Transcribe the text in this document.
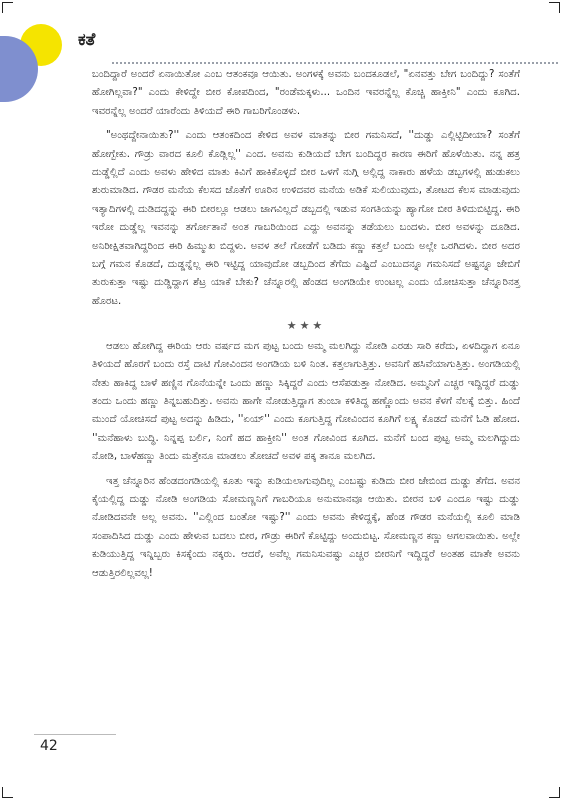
ಕತೆ

ಬಂದಿದ್ದಾರೆ ಅಂದರೆ ಏನಾಯಿತೋ ಎಂಬ ಆತಂಕವೂ ಆಯಿತು. ಅಂಗಳಕ್ಕೆ ಅವನು ಬಂದಕೂಡಲೆ, "ಏನವತ್ತು ಬೇಗ ಬಂದಿದ್ದು? ಸಂತೆಗೆ ಹೋಗಿಲ್ಲವಾ?" ಎಂದು ಕೇಳಿದ್ದೇ ಬೀರ ಕೋಪದಿಂದ, "ರಂಡೆಮಕ್ಕಳು... ಒಂದಿನ ಇವರನ್ನೆಲ್ಲ ಕೊಚ್ಚಿ ಹಾಕ್ತೀನಿ" ಎಂದು ಕೂಗಿದ. ಇವರನ್ನೆಲ್ಲ ಅಂದರೆ ಯಾರೆಂದು ತಿಳಿಯದೆ ಈರಿ ಗಾಬರಿಗೊಂಡಳು.

"ಅಂಥದ್ದೇನಾಯಿತು?'' ಎಂದು ಆತಂಕದಿಂದ ಕೇಳಿದ ಅವಳ ಮಾತನ್ನು ಬೀರ ಗಮನಿಸದೆ, ''ದುಡ್ಡು ಎಲ್ಲಿಟ್ಟಿದೀಯಾ? ಸಂತೆಗೆ ಹೋಗ್ಬೇಕು. ಗೌಡ್ರು ವಾರದ ಕೂಲಿ ಕೊಡ್ಲಿಲ್ಲ'' ಎಂದ. ಅವನು ಕುಡಿಯದೆ ಬೇಗ ಬಂದಿದ್ದರ ಕಾರಣ ಈರಿಗೆ ಹೊಳೆಯಿತು. ನನ್ನ ಹತ್ರ ದುಡ್ಡೆಲ್ಲಿದೆ ಎಂದು ಅವಳು ಹೇಳಿದ ಮಾತು ಕಿವಿಗೆ ಹಾಕಿಕೊಳ್ಳದೆ ಬೀರ ಒಳಗೆ ನುಗ್ಗಿ ಅಲ್ಲಿದ್ದ ನಾಕಾರು ಹಳೆಯ ಡಬ್ಬಗಳಲ್ಲಿ ಹುಡುಕಲು ಶುರುಮಾಡಿದ. ಗೌಡರ ಮನೆಯ ಕೆಲಸದ ಜೊತೆಗೆ ಊರಿನ ಉಳಿದವರ ಮನೆಯ ಅಡಿಕೆ ಸುಲಿಯುವುದು, ತೋಟದ ಕೆಲಸ ಮಾಡುವುದು ಇತ್ಯಾದಿಗಳಲ್ಲಿ ದುಡಿದದ್ದನ್ನು ಈರಿ ಬೀರಲ್ಲೂ ಆಡಲು ಜಾಗವಿಲ್ಲದೆ ಡಬ್ಬದಲ್ಲಿ ಇಡುವ ಸಂಗತಿಯನ್ನು ಹ್ಯಾಗೋ ಬೀರ ತಿಳಿದುಬಿಟ್ಟಿದ್ದ. ಈರಿ ಇರೋ ದುಡ್ಡೆಲ್ಲ ಇವನನ್ನು ತರ್ಗೋತಾನೆ ಅಂತ ಗಾಬರಿಯಿಂದ ಎದ್ದು ಅವನನ್ನು ತಡೆಯಲು ಬಂದಳು. ಬೀರ ಅವಳನ್ನು ದೂಡಿದ. ಅನಿರೀಕ್ಷಿತವಾಗಿದ್ದರಿಂದ ಈರಿ ಹಿಮ್ಮುಖ ಬಿದ್ದಳು. ಅವಳ ತಲೆ ಗೋಡೆಗೆ ಬಡಿದು ಕಣ್ಣು ಕತ್ತಲೆ ಬಂದು ಅಲ್ಲೇ ಒರಗಿದಳು. ಬೀರ ಅದರ ಬಗ್ಗೆ ಗಮನ ಕೊಡದೆ, ದುಡ್ಡನ್ನೆಲ್ಲ ಈರಿ ಇಟ್ಟಿದ್ದ ಯಾವುದೋ ಡಬ್ಬದಿಂದ ತೆಗೆದು ಎಷ್ಟಿದೆ ಎಂಬುದನ್ನೂ ಗಮನಿಸದೆ ಅಷ್ಟನ್ನೂ ಜೇಬಿಗೆ ತುರುಕುತ್ತಾ ಇಷ್ಟು ದುಡ್ಡಿದ್ದಾಗ ಶೆಟ್ರ ಯಾಕೆ ಬೇಕು? ಚೆನ್ನೂರಲ್ಲಿ ಹೆಂಡದ ಅಂಗಡಿಯೇ ಉಂಟಲ್ಲ ಎಂದು ಯೋಚಿಸುತ್ತಾ ಚೆನ್ನೂರಿನತ್ತ ಹೊರಟ.

★★★

ಆಡಲು ಹೋಗಿದ್ದ ಈರಿಯ ಆರು ವರ್ಷದ ಮಗ ಪುಟ್ಟ ಬಂದು ಅಮ್ಮ ಮಲಗಿದ್ದು ನೋಡಿ ಎರಡು ಸಾರಿ ಕರೆದು, ಏಳದಿದ್ದಾಗ ಏನೂ ತಿಳಿಯದೆ ಹೊರಗೆ ಬಂದು ರಸ್ತೆ ದಾಟಿ ಗೋವಿಂದನ ಅಂಗಡಿಯ ಬಳಿ ನಿಂತ. ಕತ್ತಲಾಗುತ್ತಿತ್ತು. ಅವನಿಗೆ ಹಸಿವೆಯಾಗುತ್ತಿತ್ತು. ಅಂಗಡಿಯಲ್ಲಿ ನೇತು ಹಾಕಿದ್ದ ಬಾಳೆ ಹಣ್ಣಿನ ಗೊನೆಯನ್ನೇ ಒಂದು ಹಣ್ಣು ಸಿಕ್ಕಿದ್ದರೆ ಎಂದು ಆಸೆಪಡುತ್ತಾ ನೋಡಿದ. ಅಮ್ಮನಿಗೆ ಎಚ್ಚರ ಇದ್ದಿದ್ದರೆ ದುಡ್ಡು ತಂದು ಒಂದು ಹಣ್ಣು ತಿನ್ನಬಹುದಿತ್ತು. ಅವನು ಹಾಗೇ ನೋಡುತ್ತಿದ್ದಾಗ ತುಂಬಾ ಕಳಿತಿದ್ದ ಹಣ್ಣೊಂದು ಅವನ ಕೆಳಗೆ ನೆಲಕ್ಕೆ ಬಿತ್ತು. ಹಿಂದೆ ಮುಂದೆ ಯೋಚಿಸದೆ ಪುಟ್ಟ ಅದನ್ನು ಹಿಡಿದು, ''ಏಯ್'' ಎಂದು ಕೂಗುತ್ತಿದ್ದ ಗೋವಿಂದನ ಕೂಗಿಗೆ ಲಕ್ಷ್ಯ ಕೊಡದೆ ಮನೆಗೆ ಓಡಿ ಹೋದ. ''ಮನೆಹಾಳು ಬುದ್ಧಿ. ನಿನ್ನಪ್ಪ ಬರ್ಲಿ, ನಿಂಗೆ ಹದ ಹಾಕ್ತೀನಿ'' ಅಂತ ಗೋವಿಂದ ಕೂಗಿದ. ಮನೆಗೆ ಬಂದ ಪುಟ್ಟ ಅಮ್ಮ ಮಲಗಿದ್ದುದು ನೋಡಿ, ಬಾಳೆಹಣ್ಣು ತಿಂದು ಮತ್ತೇನೂ ಮಾಡಲು ತೋಚದೆ ಅವಳ ಪಕ್ಕ ತಾನೂ ಮಲಗಿದ.

ಇತ್ತ ಚೆನ್ನೂರಿನ ಹೆಂಡದಂಗಡಿಯಲ್ಲಿ ಕೂತು ಇನ್ನು ಕುಡಿಯಲಾಗುವುದಿಲ್ಲ ಎಂಬಷ್ಟು ಕುಡಿದು ಬೀರ ಜೇಬಿಂದ ದುಡ್ಡು ತೆಗೆದ. ಅವನ ಕೈಯಲ್ಲಿದ್ದ ದುಡ್ಡು ನೋಡಿ ಅಂಗಡಿಯ ಸೋಮಣ್ಣನಿಗೆ ಗಾಬರಿಯೂ ಅನುಮಾನವೂ ಆಯಿತು. ಬೀರನ ಬಳಿ ಎಂದೂ ಇಷ್ಟು ದುಡ್ಡು ನೋಡಿದವನೇ ಅಲ್ಲ ಅವನು. ''ಎಲ್ಲಿಂದ ಬಂತೋ ಇಷ್ಟು?'' ಎಂದು ಅವನು ಕೇಳಿದ್ದಕ್ಕೆ, ಹೆಂಡ ಗೌಡರ ಮನೆಯಲ್ಲಿ ಕೂಲಿ ಮಾಡಿ ಸಂಪಾದಿಸಿದ ದುಡ್ಡು ಎಂದು ಹೇಳುವ ಬದಲು ಬೀರ, ಗೌಡ್ರು ಈರಿಗೆ ಕೊಟ್ಟಿದ್ದು ಅಂದುಬಿಟ್ಟ. ಸೋಮಣ್ಣನ ಕಣ್ಣು ಅಗಲವಾಯಿತು. ಅಲ್ಲೇ ಕುಡಿಯುತ್ತಿದ್ದ ಇನ್ನಿಬ್ಬರು ಕಿಸಕ್ಕೆಂದು ನಕ್ಕರು. ಆದರೆ, ಅವೆಲ್ಲ ಗಮನಿಸುವಷ್ಟು ಎಚ್ಚರ ಬೀರನಿಗೆ ಇದ್ದಿದ್ದರೆ ಅಂತಹ ಮಾತೇ ಅವನು ಆಡುತ್ತಿರಲಿಲ್ಲವಲ್ಲ!

42
